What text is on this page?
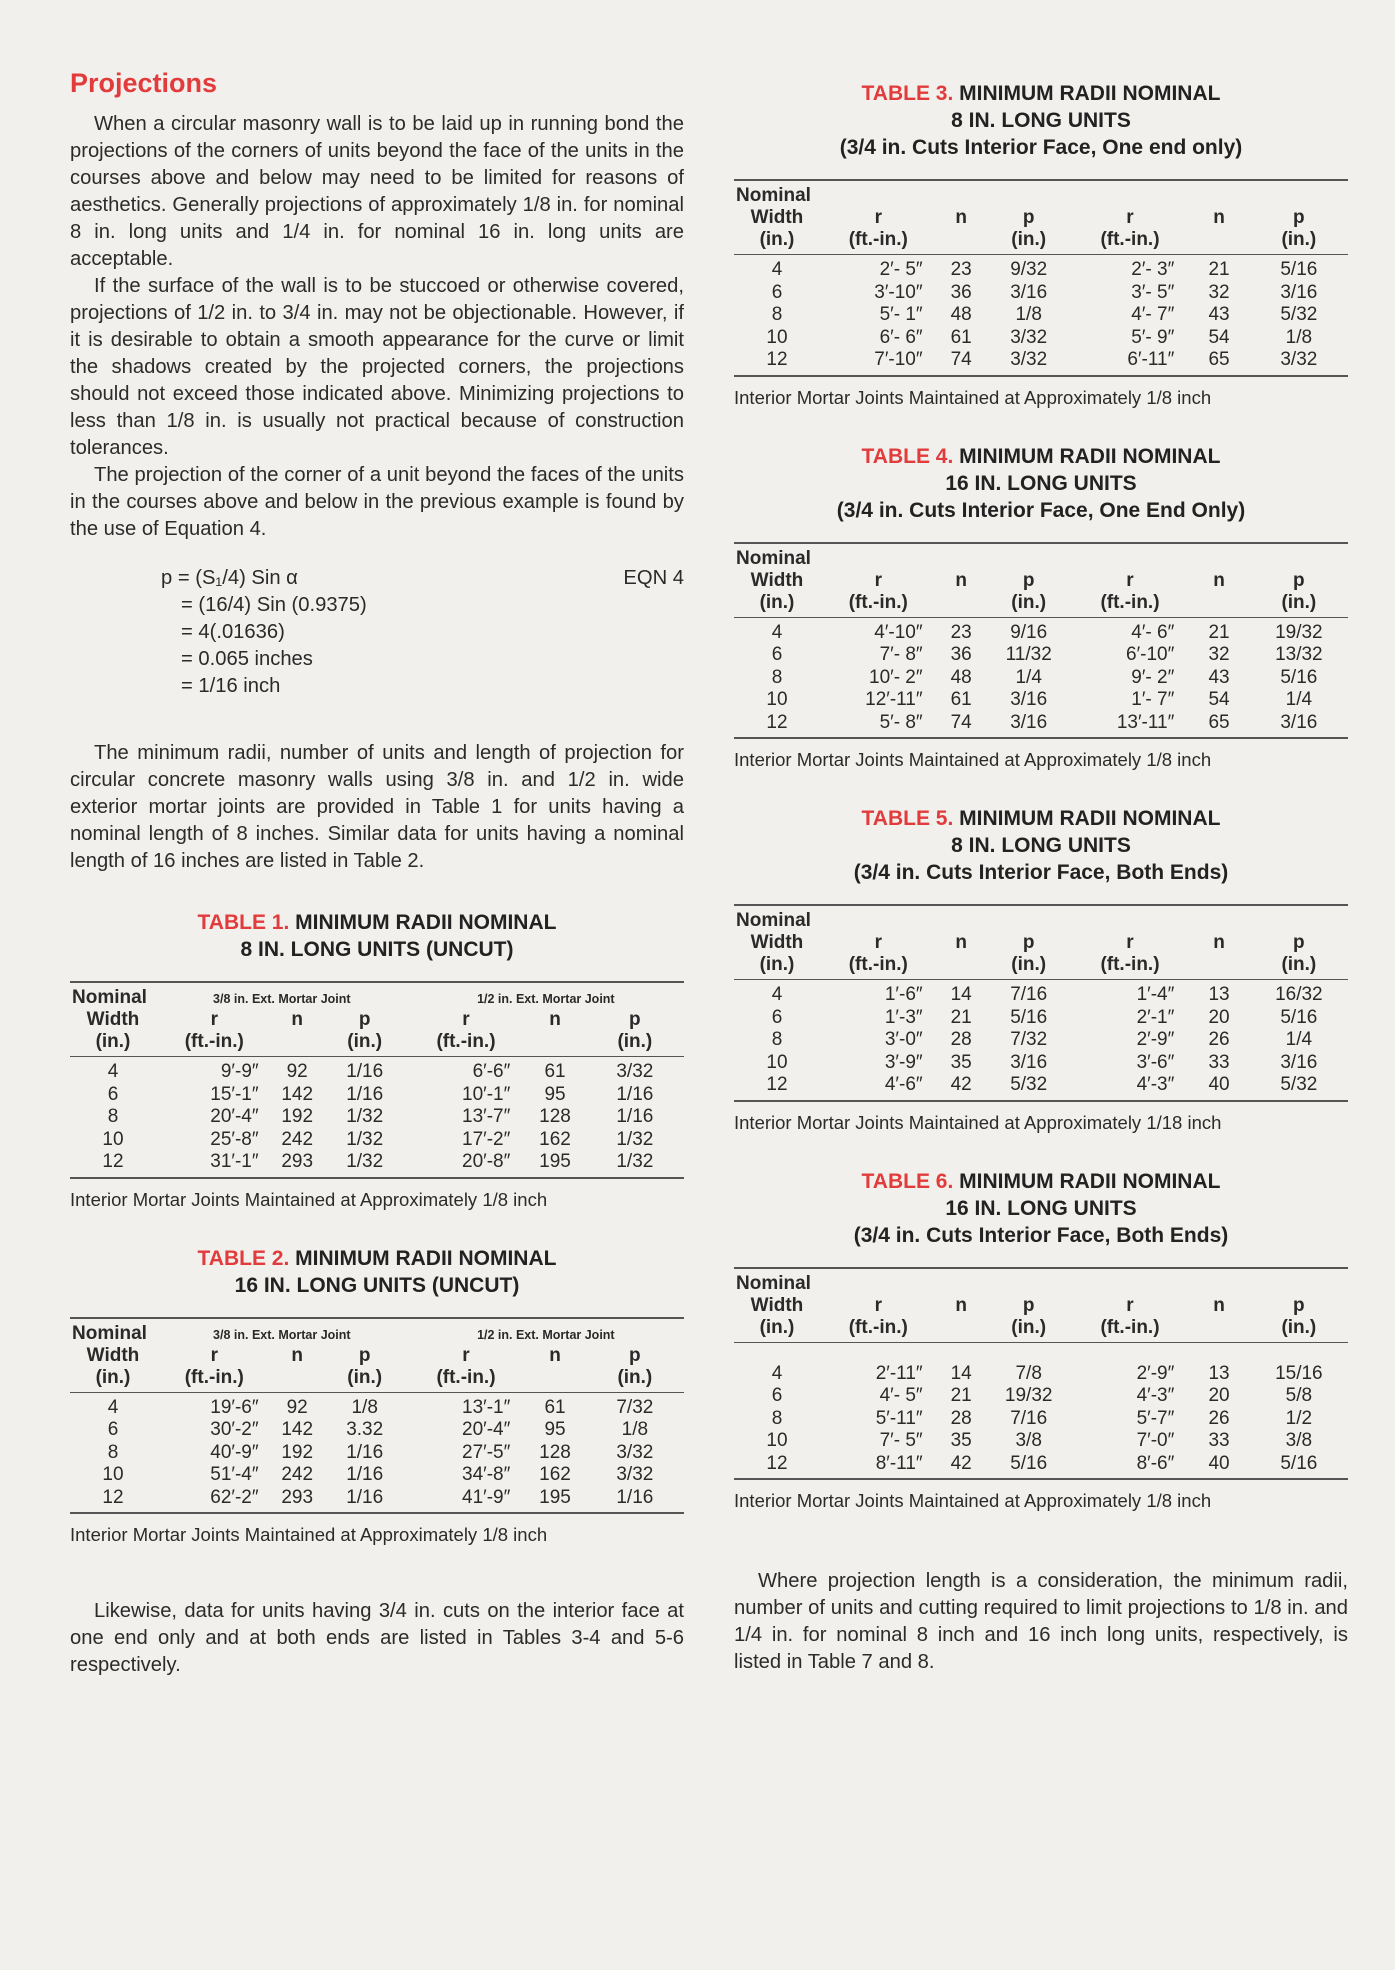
Projections

When a circular masonry wall is to be laid up in running bond the projections of the corners of units beyond the face of the units in the courses above and below may need to be limited for reasons of aesthetics. Generally projections of approximately 1/8 in. for nominal 8 in. long units and 1/4 in. for nominal 16 in. long units are acceptable.

If the surface of the wall is to be stuccoed or otherwise covered, projections of 1/2 in. to 3/4 in. may not be objectionable. However, if it is desirable to obtain a smooth appearance for the curve or limit the shadows created by the projected corners, the projections should not exceed those indicated above. Minimizing projections to less than 1/8 in. is usually not practical because of construction tolerances.

The projection of the corner of a unit beyond the faces of the units in the courses above and below in the previous example is found by the use of Equation 4.

p = (S₁/4) Sin α
= (16/4) Sin (0.9375)
= 4(.01636)
= 0.065 inches
= 1/16 inch
EQN 4

The minimum radii, number of units and length of projection for circular concrete masonry walls using 3/8 in. and 1/2 in. wide exterior mortar joints are provided in Table 1 for units having a nominal length of 8 inches. Similar data for units having a nominal length of 16 inches are listed in Table 2.

TABLE 1. MINIMUM RADII NOMINAL
8 IN. LONG UNITS (UNCUT)
Nominal	3/8 in. Ext. Mortar Joint			1/2 in. Ext. Mortar Joint		
Width	r	n	p	r	n	p
(in.)	(ft.-in.)		(in.)	(ft.-in.)		(in.)
4	9′-9″	92	1/16	6′-6″	61	3/32
6	15′-1″	142	1/16	10′-1″	95	1/16
8	20′-4″	192	1/32	13′-7″	128	1/16
10	25′-8″	242	1/32	17′-2″	162	1/32
12	31′-1″	293	1/32	20′-8″	195	1/32
Interior Mortar Joints Maintained at Approximately 1/8 inch
TABLE 2. MINIMUM RADII NOMINAL
16 IN. LONG UNITS (UNCUT)
Nominal	3/8 in. Ext. Mortar Joint			1/2 in. Ext. Mortar Joint		
Width	r	n	p	r	n	p
(in.)	(ft.-in.)		(in.)	(ft.-in.)		(in.)
4	19′-6″	92	1/8	13′-1″	61	7/32
6	30′-2″	142	3.32	20′-4″	95	1/8
8	40′-9″	192	1/16	27′-5″	128	3/32
10	51′-4″	242	1/16	34′-8″	162	3/32
12	62′-2″	293	1/16	41′-9″	195	1/16
Interior Mortar Joints Maintained at Approximately 1/8 inch

Likewise, data for units having 3/4 in. cuts on the interior face at one end only and at both ends are listed in Tables 3-4 and 5-6 respectively.

TABLE 3. MINIMUM RADII NOMINAL
8 IN. LONG UNITS
(3/4 in. Cuts Interior Face, One end only)
Nominal						
Width	r	n	p	r	n	p
(in.)	(ft.-in.)		(in.)	(ft.-in.)		(in.)
4	2′- 5″	23	9/32	2′- 3″	21	5/16
6	3′-10″	36	3/16	3′- 5″	32	3/16
8	5′- 1″	48	1/8	4′- 7″	43	5/32
10	6′- 6″	61	3/32	5′- 9″	54	1/8
12	7′-10″	74	3/32	6′-11″	65	3/32
Interior Mortar Joints Maintained at Approximately 1/8 inch
TABLE 4. MINIMUM RADII NOMINAL
16 IN. LONG UNITS
(3/4 in. Cuts Interior Face, One End Only)
Nominal						
Width	r	n	p	r	n	p
(in.)	(ft.-in.)		(in.)	(ft.-in.)		(in.)
4	4′-10″	23	9/16	4′- 6″	21	19/32
6	7′- 8″	36	11/32	6′-10″	32	13/32
8	10′- 2″	48	1/4	9′- 2″	43	5/16
10	12′-11″	61	3/16	1′- 7″	54	1/4
12	5′- 8″	74	3/16	13′-11″	65	3/16
Interior Mortar Joints Maintained at Approximately 1/8 inch
TABLE 5. MINIMUM RADII NOMINAL
8 IN. LONG UNITS
(3/4 in. Cuts Interior Face, Both Ends)
Nominal						
Width	r	n	p	r	n	p
(in.)	(ft.-in.)		(in.)	(ft.-in.)		(in.)
4	1′-6″	14	7/16	1′-4″	13	16/32
6	1′-3″	21	5/16	2′-1″	20	5/16
8	3′-0″	28	7/32	2′-9″	26	1/4
10	3′-9″	35	3/16	3′-6″	33	3/16
12	4′-6″	42	5/32	4′-3″	40	5/32
Interior Mortar Joints Maintained at Approximately 1/18 inch
TABLE 6. MINIMUM RADII NOMINAL
16 IN. LONG UNITS
(3/4 in. Cuts Interior Face, Both Ends)
Nominal						
Width	r	n	p	r	n	p
(in.)	(ft.-in.)		(in.)	(ft.-in.)		(in.)
4	2′-11″	14	7/8	2′-9″	13	15/16
6	4′- 5″	21	19/32	4′-3″	20	5/8
8	5′-11″	28	7/16	5′-7″	26	1/2
10	7′- 5″	35	3/8	7′-0″	33	3/8
12	8′-11″	42	5/16	8′-6″	40	5/16
Interior Mortar Joints Maintained at Approximately 1/8 inch

Where projection length is a consideration, the minimum radii, number of units and cutting required to limit projections to 1/8 in. and 1/4 in. for nominal 8 inch and 16 inch long units, respectively, is listed in Table 7 and 8.
